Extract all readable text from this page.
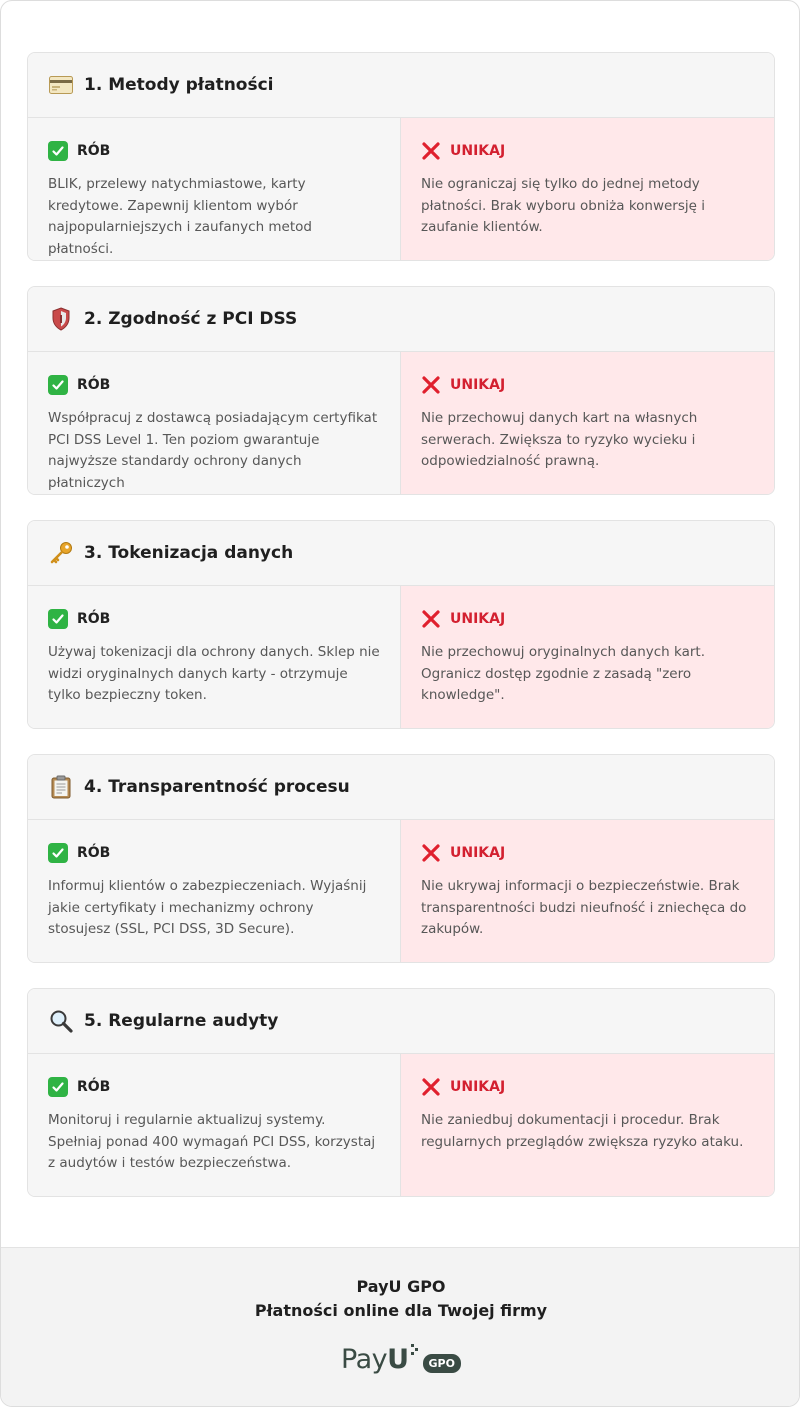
1. Metody płatności
RÓB
BLIK, przelewy natychmiastowe, karty kredytowe. Zapewnij klientom wybór najpopularniejszych i zaufanych metod płatności.
UNIKAJ
Nie ograniczaj się tylko do jednej metody płatności. Brak wyboru obniża konwersję i zaufanie klientów.
2. Zgodność z PCI DSS
RÓB
Współpracuj z dostawcą posiadającym certyfikat PCI DSS Level 1. Ten poziom gwarantuje najwyższe standardy ochrony danych płatniczych
UNIKAJ
Nie przechowuj danych kart na własnych serwerach. Zwiększa to ryzyko wycieku i odpowiedzialność prawną.
3. Tokenizacja danych
RÓB
Używaj tokenizacji dla ochrony danych. Sklep nie widzi oryginalnych danych karty - otrzymuje tylko bezpieczny token.
UNIKAJ
Nie przechowuj oryginalnych danych kart. Ogranicz dostęp zgodnie z zasadą "zero knowledge".
4. Transparentność procesu
RÓB
Informuj klientów o zabezpieczeniach. Wyjaśnij jakie certyfikaty i mechanizmy ochrony stosujesz (SSL, PCI DSS, 3D Secure).
UNIKAJ
Nie ukrywaj informacji o bezpieczeństwie. Brak transparentności budzi nieufność i zniechęca do zakupów.
5. Regularne audyty
RÓB
Monitoruj i regularnie aktualizuj systemy. Spełniaj ponad 400 wymagań PCI DSS, korzystaj z audytów i testów bezpieczeństwa.
UNIKAJ
Nie zaniedbuj dokumentacji i procedur. Brak regularnych przeglądów zwiększa ryzyko ataku.
PayU GPO
Płatności online dla Twojej firmy
Pay U	GPO
